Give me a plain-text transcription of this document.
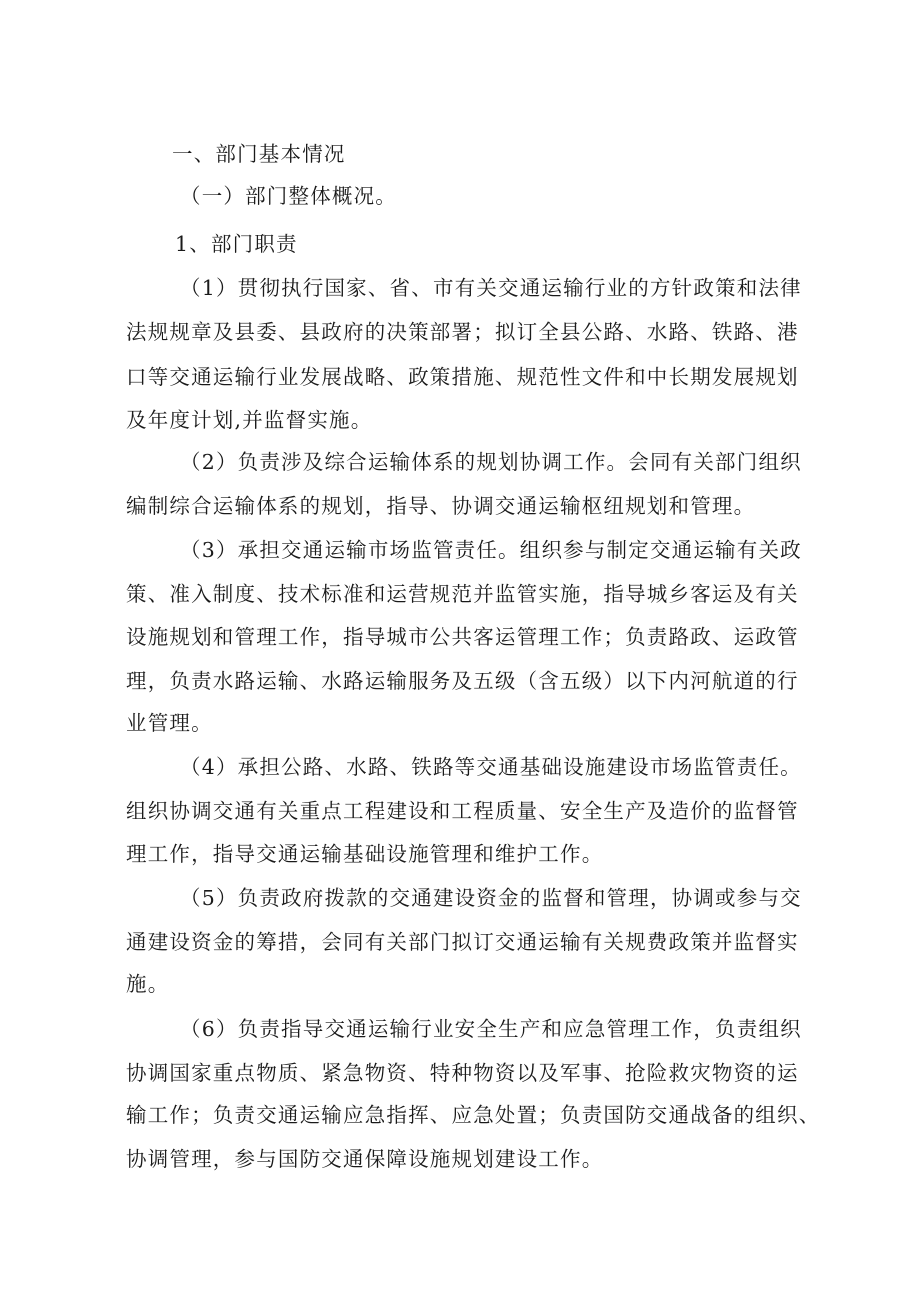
一、部门基本情况
（一）部门整体概况。
1、部门职责
（1）贯彻执行国家、省、市有关交通运输行业的方针政策和法律
法规规章及县委、县政府的决策部署；拟订全县公路、水路、铁路、港
口等交通运输行业发展战略、政策措施、规范性文件和中长期发展规划
及年度计划,并监督实施。
（2）负责涉及综合运输体系的规划协调工作。会同有关部门组织
编制综合运输体系的规划，指导、协调交通运输枢纽规划和管理。
（3）承担交通运输市场监管责任。组织参与制定交通运输有关政
策、准入制度、技术标准和运营规范并监管实施，指导城乡客运及有关
设施规划和管理工作，指导城市公共客运管理工作；负责路政、运政管
理，负责水路运输、水路运输服务及五级（含五级）以下内河航道的行
业管理。
（4）承担公路、水路、铁路等交通基础设施建设市场监管责任。
组织协调交通有关重点工程建设和工程质量、安全生产及造价的监督管
理工作，指导交通运输基础设施管理和维护工作。
（5）负责政府拨款的交通建设资金的监督和管理，协调或参与交
通建设资金的筹措，会同有关部门拟订交通运输有关规费政策并监督实
施。
（6）负责指导交通运输行业安全生产和应急管理工作，负责组织
协调国家重点物质、紧急物资、特种物资以及军事、抢险救灾物资的运
输工作；负责交通运输应急指挥、应急处置；负责国防交通战备的组织、
协调管理，参与国防交通保障设施规划建设工作。
